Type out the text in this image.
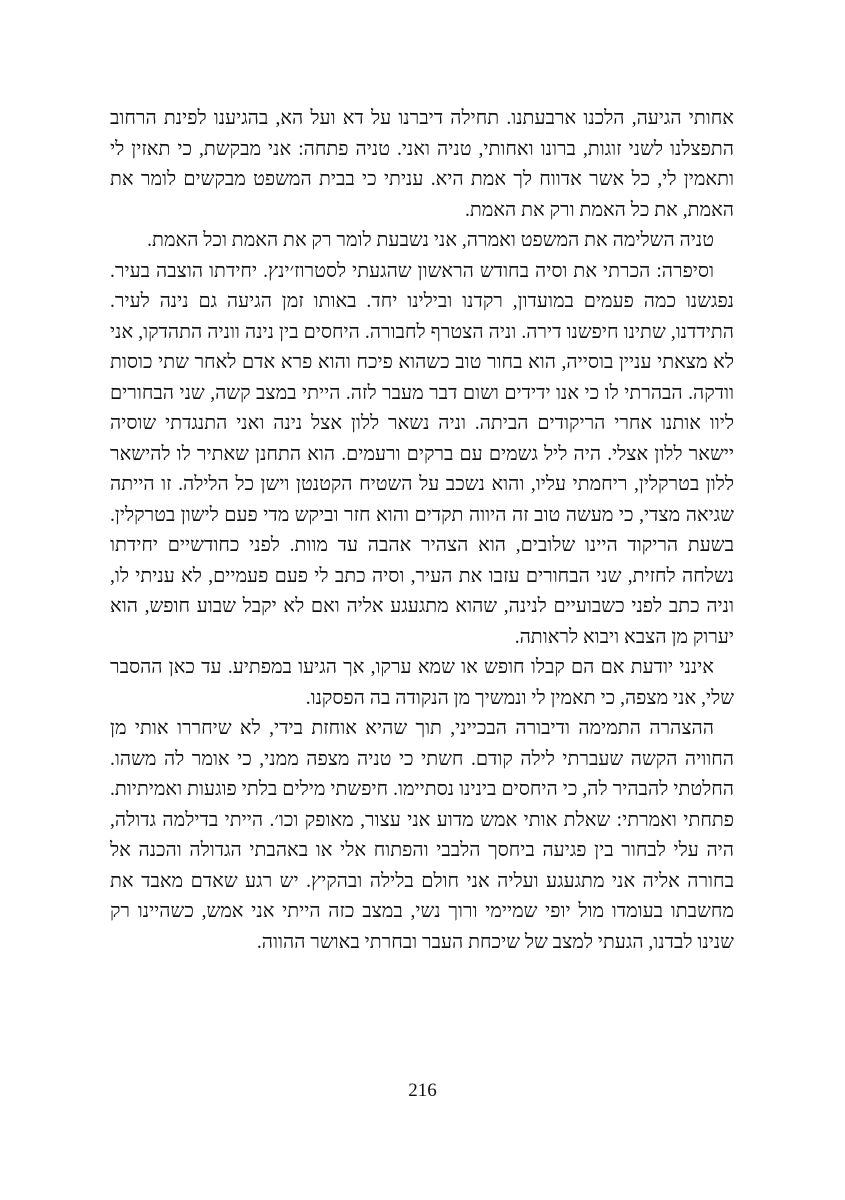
אחותי הגיעה, הלכנו ארבעתנו. תחילה דיברנו על דא ועל הא, בהגיענו לפינת הרחוב התפצלנו לשני זוגות, ברונו ואחותי, טניה ואני. טניה פתחה: אני מבקשת, כי תאזין לי ותאמין לי, כל אשר אדווח לך אמת היא. עניתי כי בבית המשפט מבקשים לומר את האמת, את כל האמת ורק את האמת.

טניה השלימה את המשפט ואמרה, אני נשבעת לומר רק את האמת וכל האמת.

וסיפרה: הכרתי את וסיה בחודש הראשון שהגעתי לסטרוז׳ינץ. יחידתו הוצבה בעיר. נפגשנו כמה פעמים במועדון, רקדנו ובילינו יחד. באותו זמן הגיעה גם נינה לעיר. התידדנו, שתינו חיפשנו דירה. וניה הצטרף לחבורה. היחסים בין נינה ווניה התהדקו, אני לא מצאתי עניין בוסייה, הוא בחור טוב כשהוא פיכח והוא פרא אדם לאחר שתי כוסות וודקה. הבהרתי לו כי אנו ידידים ושום דבר מעבר לזה. הייתי במצב קשה, שני הבחורים ליוו אותנו אחרי הריקודים הביתה. וניה נשאר ללון אצל נינה ואני התנגדתי שוסיה יישאר ללון אצלי. היה ליל גשמים עם ברקים ורעמים. הוא התחנן שאתיר לו להישאר ללון בטרקלין, ריחמתי עליו, והוא נשכב על השטיח הקטנטן וישן כל הלילה. זו הייתה שגיאה מצדי, כי מעשה טוב זה היווה תקדים והוא חזר וביקש מדי פעם לישון בטרקלין. בשעת הריקוד היינו שלובים, הוא הצהיר אהבה עד מוות. לפני כחודשיים יחידתו נשלחה לחזית, שני הבחורים עזבו את העיר, וסיה כתב לי פעם פעמיים, לא עניתי לו, וניה כתב לפני כשבועיים לנינה, שהוא מתגעגע אליה ואם לא יקבל שבוע חופש, הוא יערוק מן הצבא ויבוא לראותה.

אינני יודעת אם הם קבלו חופש או שמא ערקו, אך הגיעו במפתיע. עד כאן ההסבר שלי, אני מצפה, כי תאמין לי ונמשיך מן הנקודה בה הפסקנו.

ההצהרה התמימה ודיבורה הבכייני, תוך שהיא אוחזת בידי, לא שיחררו אותי מן החוויה הקשה שעברתי לילה קודם. חשתי כי טניה מצפה ממני, כי אומר לה משהו. החלטתי להבהיר לה, כי היחסים בינינו נסתיימו. חיפשתי מילים בלתי פוגעות ואמיתיות. פתחתי ואמרתי: שאלת אותי אמש מדוע אני עצור, מאופק וכו׳. הייתי בדילמה גדולה, היה עלי לבחור בין פגיעה ביחסך הלבבי והפתוח אלי או באהבתי הגדולה והכנה אל בחורה אליה אני מתגעגע ועליה אני חולם בלילה ובהקיץ. יש רגע שאדם מאבד את מחשבתו בעומדו מול יופי שמיימי ורוך נשי, במצב כזה הייתי אני אמש, כשהיינו רק שנינו לבדנו, הגעתי למצב של שיכחת העבר ובחרתי באושר ההווה.

216
